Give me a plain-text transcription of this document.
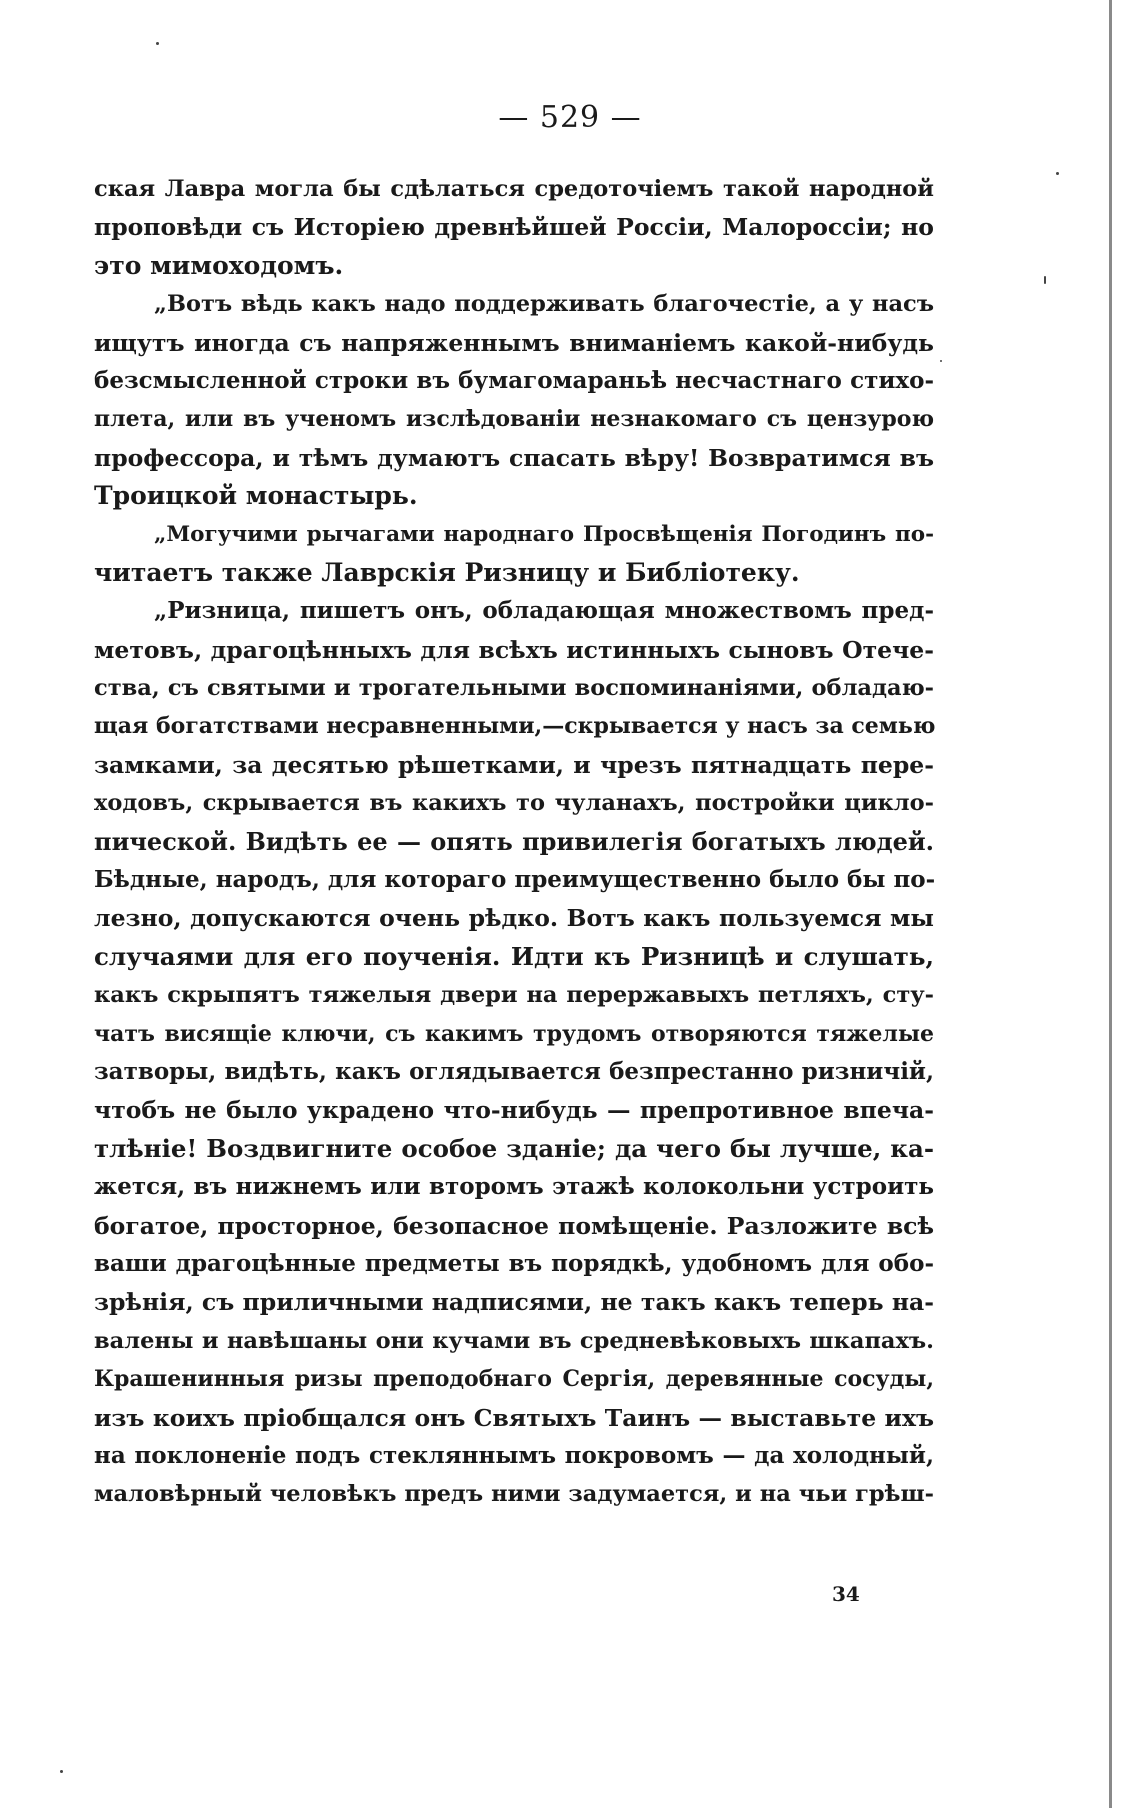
— 529 —
ская Лавра могла бы сдѣлаться средоточіемъ такой народной
проповѣди съ Исторіею древнѣйшей Россіи, Малороссіи; но
это мимоходомъ.
„Вотъ вѣдь какъ надо поддерживать благочестіе, а у насъ
ищутъ иногда съ напряженнымъ вниманіемъ какой-нибудь
безсмысленной строки въ бумагомараньѣ несчастнаго стихо-
плета, или въ ученомъ изслѣдованіи незнакомаго съ цензурою
профессора, и тѣмъ думаютъ спасать вѣру! Возвратимся въ
Троицкой монастырь.
„Могучими рычагами народнаго Просвѣщенія Погодинъ по-
читаетъ также Лаврскія Ризницу и Библіотеку.
„Ризница, пишетъ онъ, обладающая множествомъ пред-
метовъ, драгоцѣнныхъ для всѣхъ истинныхъ сыновъ Отече-
ства, съ святыми и трогательными воспоминаніями, обладаю-
щая богатствами несравненными,—скрывается у насъ за семью
замками, за десятью рѣшетками, и чрезъ пятнадцать пере-
ходовъ, скрывается въ какихъ то чуланахъ, постройки цикло-
пической. Видѣть ее — опять привилегія богатыхъ людей.
Бѣдные, народъ, для котораго преимущественно было бы по-
лезно, допускаются очень рѣдко. Вотъ какъ пользуемся мы
случаями для его поученія. Идти къ Ризницѣ и слушать,
какъ скрыпятъ тяжелыя двери на перержавыхъ петляхъ, сту-
чатъ висящіе ключи, съ какимъ трудомъ отворяются тяжелые
затворы, видѣть, какъ оглядывается безпрестанно ризничій,
чтобъ не было украдено что-нибудь — препротивное впеча-
тлѣніе! Воздвигните особое зданіе; да чего бы лучше, ка-
жется, въ нижнемъ или второмъ этажѣ колокольни устроить
богатое, просторное, безопасное помѣщеніе. Разложите всѣ
ваши драгоцѣнные предметы въ порядкѣ, удобномъ для обо-
зрѣнія, съ приличными надписями, не такъ какъ теперь на-
валены и навѣшаны они кучами въ средневѣковыхъ шкапахъ.
Крашенинныя ризы преподобнаго Сергія, деревянные сосуды,
изъ коихъ пріобщался онъ Святыхъ Таинъ — выставьте ихъ
на поклоненіе подъ стекляннымъ покровомъ — да холодный,
маловѣрный человѣкъ предъ ними задумается, и на чьи грѣш-
34
